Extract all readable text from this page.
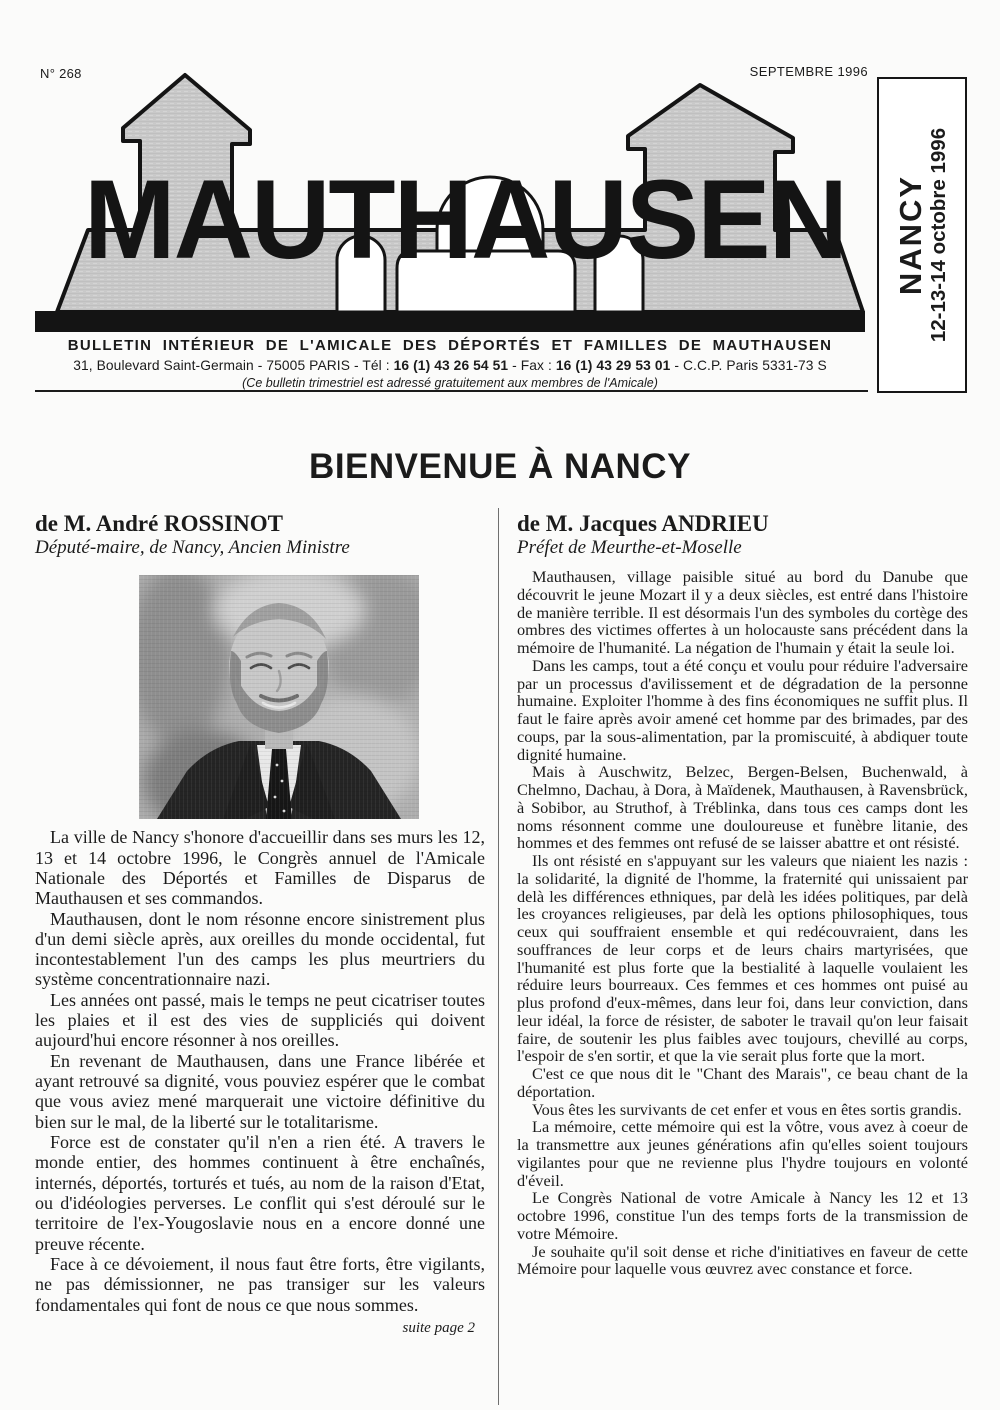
N° 268	SEPTEMBRE 1996
MAUTHAUSEN NANCY 12-13-14 octobre 1996
BULLETIN INTÉRIEUR DE L'AMICALE DES DÉPORTÉS ET FAMILLES DE MAUTHAUSEN
31, Boulevard Saint-Germain - 75005 PARIS - Tél : 16 (1) 43 26 54 51 - Fax : 16 (1) 43 29 53 01 - C.C.P. Paris 5331-73 S
(Ce bulletin trimestriel est adressé gratuitement aux membres de l'Amicale)
BIENVENUE À NANCY
de M. André ROSSINOT
Député-maire, de Nancy, Ancien Ministre

La ville de Nancy s'honore d'accueillir dans ses murs les 12, 13 et 14 octobre 1996, le Congrès annuel de l'Amicale Nationale des Déportés et Familles de Disparus de Mauthausen et ses commandos.

Mauthausen, dont le nom résonne encore sinistrement plus d'un demi siècle après, aux oreilles du monde occidental, fut incontestablement l'un des camps les plus meurtriers du système concentrationnaire nazi.

Les années ont passé, mais le temps ne peut cicatriser toutes les plaies et il est des vies de suppliciés qui doivent aujourd'hui encore résonner à nos oreilles.

En revenant de Mauthausen, dans une France libérée et ayant retrouvé sa dignité, vous pouviez espérer que le combat que vous aviez mené marquerait une victoire définitive du bien sur le mal, de la liberté sur le totalitarisme.

Force est de constater qu'il n'en a rien été. A travers le monde entier, des hommes continuent à être enchaînés, internés, déportés, torturés et tués, au nom de la raison d'Etat, ou d'idéologies perverses. Le conflit qui s'est déroulé sur le territoire de l'ex-Yougoslavie nous en a encore donné une preuve récente.

Face à ce dévoiement, il nous faut être forts, être vigilants, ne pas démissionner, ne pas transiger sur les valeurs fondamentales qui font de nous ce que nous sommes.

suite page 2
de M. Jacques ANDRIEU
Préfet de Meurthe-et-Moselle

Mauthausen, village paisible situé au bord du Danube que découvrit le jeune Mozart il y a deux siècles, est entré dans l'histoire de manière terrible. Il est désormais l'un des symboles du cortège des ombres des victimes offertes à un holocauste sans précédent dans la mémoire de l'humanité. La négation de l'humain y était la seule loi.

Dans les camps, tout a été conçu et voulu pour réduire l'adversaire par un processus d'avilissement et de dégradation de la personne humaine. Exploiter l'homme à des fins économiques ne suffit plus. Il faut le faire après avoir amené cet homme par des brimades, par des coups, par la sous-alimentation, par la promiscuité, à abdiquer toute dignité humaine.

Mais à Auschwitz, Belzec, Bergen-Belsen, Buchenwald, à Chelmno, Dachau, à Dora, à Maïdenek, Mauthausen, à Ravensbrück, à Sobibor, au Struthof, à Tréblinka, dans tous ces camps dont les noms résonnent comme une douloureuse et funèbre litanie, des hommes et des femmes ont refusé de se laisser abattre et ont résisté.

Ils ont résisté en s'appuyant sur les valeurs que niaient les nazis : la solidarité, la dignité de l'homme, la fraternité qui unissaient par delà les différences ethniques, par delà les idées politiques, par delà les croyances religieuses, par delà les options philosophiques, tous ceux qui souffraient ensemble et qui redécouvraient, dans les souffrances de leur corps et de leurs chairs martyrisées, que l'humanité est plus forte que la bestialité à laquelle voulaient les réduire leurs bourreaux. Ces femmes et ces hommes ont puisé au plus profond d'eux-mêmes, dans leur foi, dans leur conviction, dans leur idéal, la force de résister, de saboter le travail qu'on leur faisait faire, de soutenir les plus faibles avec toujours, chevillé au corps, l'espoir de s'en sortir, et que la vie serait plus forte que la mort.

C'est ce que nous dit le "Chant des Marais", ce beau chant de la déportation.

Vous êtes les survivants de cet enfer et vous en êtes sortis grandis.

La mémoire, cette mémoire qui est la vôtre, vous avez à coeur de la transmettre aux jeunes générations afin qu'elles soient toujours vigilantes pour que ne revienne plus l'hydre toujours en volonté d'éveil.

Le Congrès National de votre Amicale à Nancy les 12 et 13 octobre 1996, constitue l'un des temps forts de la transmission de votre Mémoire.

Je souhaite qu'il soit dense et riche d'initiatives en faveur de cette Mémoire pour laquelle vous œuvrez avec constance et force.
